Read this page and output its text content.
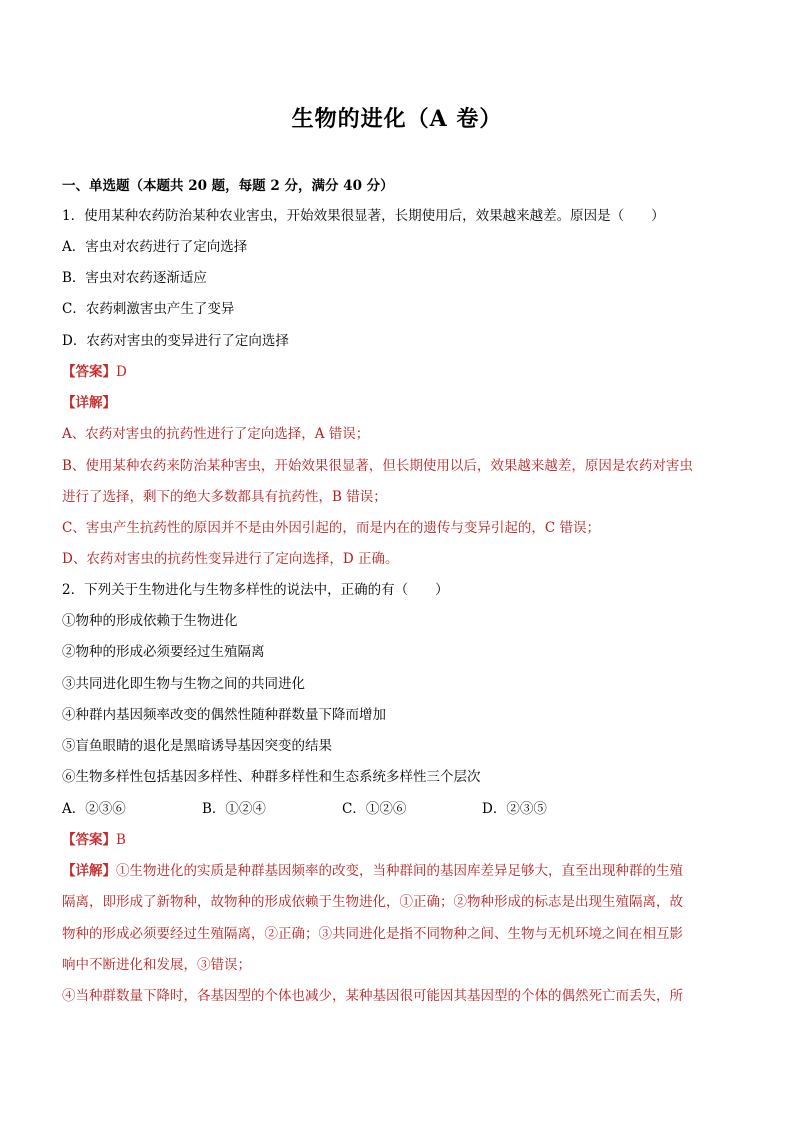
生物的进化（A 卷）
一、单选题（本题共 20 题，每题 2 分，满分 40 分）
1．使用某种农药防治某种农业害虫，开始效果很显著，长期使用后，效果越来越差。原因是（　　）
A．害虫对农药进行了定向选择
B．害虫对农药逐渐适应
C．农药刺激害虫产生了变异
D．农药对害虫的变异进行了定向选择
【答案】D
【详解】
A、农药对害虫的抗药性进行了定向选择，A 错误；
B、使用某种农药来防治某种害虫，开始效果很显著，但长期使用以后，效果越来越差，原因是农药对害虫
进行了选择，剩下的绝大多数都具有抗药性，B 错误；
C、害虫产生抗药性的原因并不是由外因引起的，而是内在的遗传与变异引起的，C 错误；
D、农药对害虫的抗药性变异进行了定向选择，D 正确。
2．下列关于生物进化与生物多样性的说法中，正确的有（　　）
①物种的形成依赖于生物进化
②物种的形成必须要经过生殖隔离
③共同进化即生物与生物之间的共同进化
④种群内基因频率改变的偶然性随种群数量下降而增加
⑤盲鱼眼睛的退化是黑暗诱导基因突变的结果
⑥生物多样性包括基因多样性、种群多样性和生态系统多样性三个层次
A．②③⑥	B．①②④	C．①②⑥	D．②③⑤
【答案】B
【详解】①生物进化的实质是种群基因频率的改变，当种群间的基因库差异足够大，直至出现种群的生殖
隔离，即形成了新物种，故物种的形成依赖于生物进化，①正确；②物种形成的标志是出现生殖隔离，故
物种的形成必须要经过生殖隔离，②正确；③共同进化是指不同物种之间、生物与无机环境之间在相互影
响中不断进化和发展，③错误；
④当种群数量下降时，各基因型的个体也减少，某种基因很可能因其基因型的个体的偶然死亡而丢失，所
